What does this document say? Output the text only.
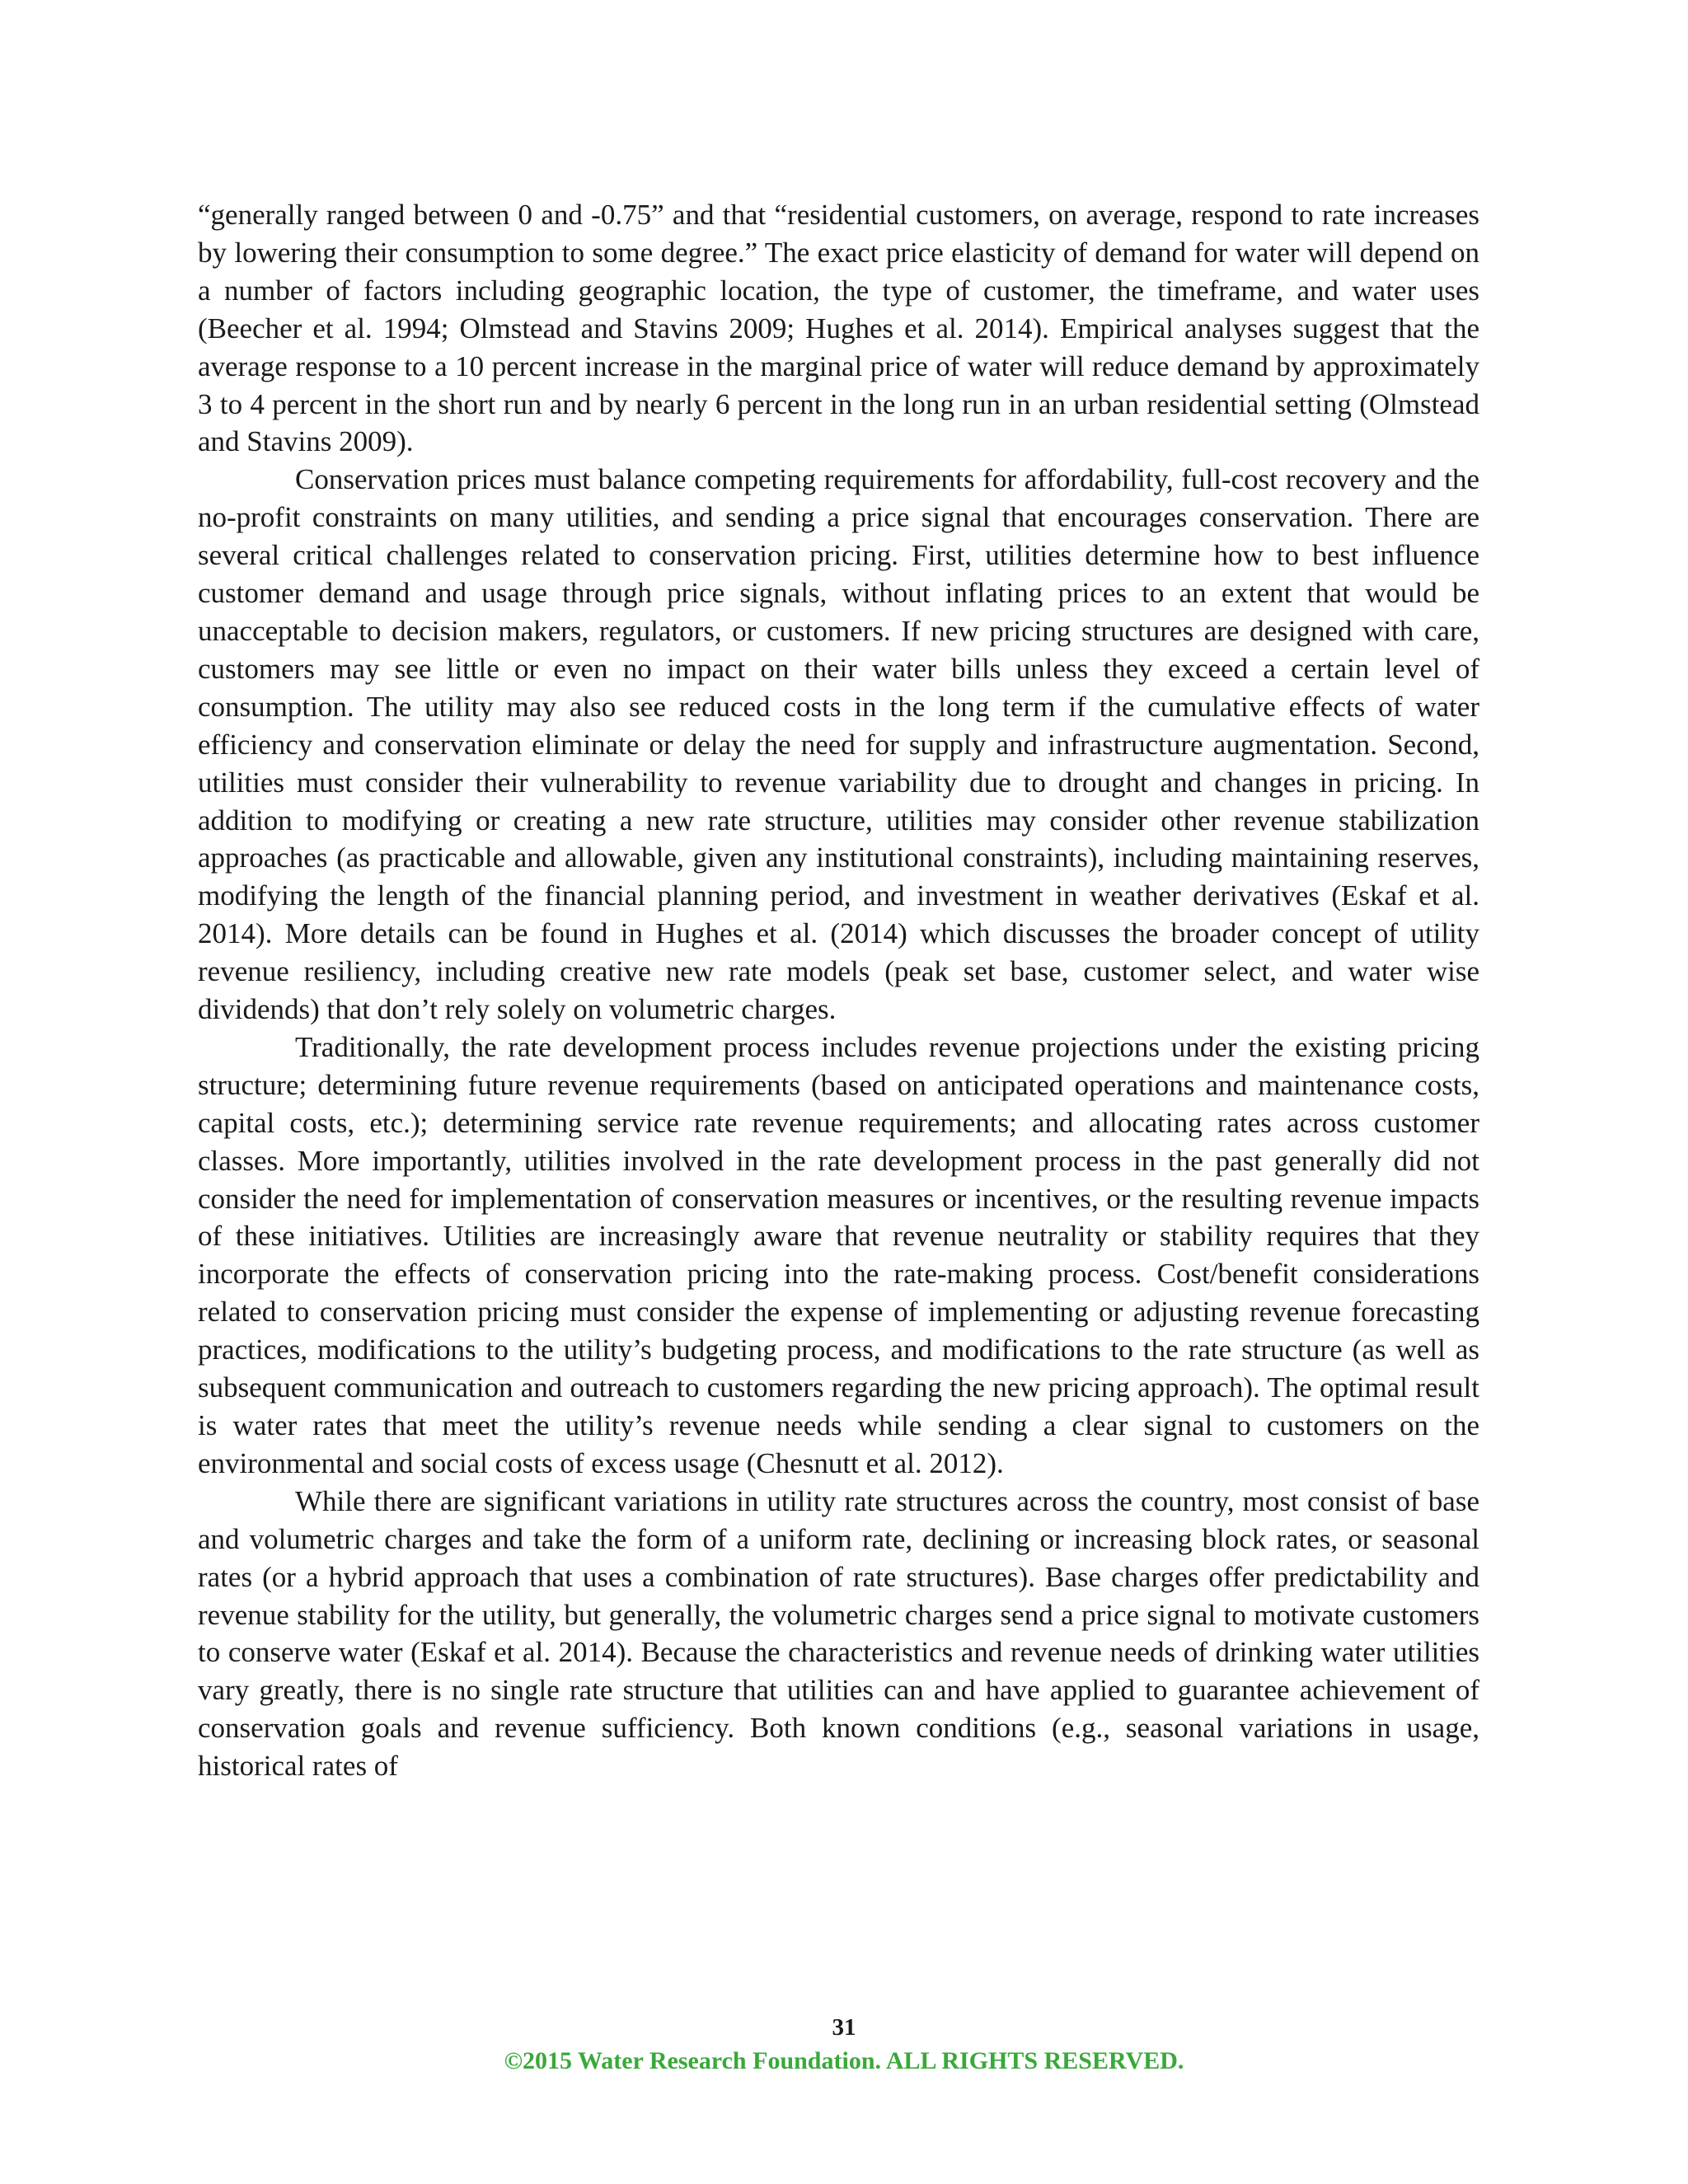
“generally ranged between 0 and -0.75” and that “residential customers, on average, respond to rate increases by lowering their consumption to some degree.” The exact price elasticity of demand for water will depend on a number of factors including geographic location, the type of customer, the timeframe, and water uses (Beecher et al. 1994; Olmstead and Stavins 2009; Hughes et al. 2014). Empirical analyses suggest that the average response to a 10 percent increase in the marginal price of water will reduce demand by approximately 3 to 4 percent in the short run and by nearly 6 percent in the long run in an urban residential setting (Olmstead and Stavins 2009).

Conservation prices must balance competing requirements for affordability, full-cost recovery and the no-profit constraints on many utilities, and sending a price signal that encourages conservation. There are several critical challenges related to conservation pricing. First, utilities determine how to best influence customer demand and usage through price signals, without inflating prices to an extent that would be unacceptable to decision makers, regulators, or customers. If new pricing structures are designed with care, customers may see little or even no impact on their water bills unless they exceed a certain level of consumption. The utility may also see reduced costs in the long term if the cumulative effects of water efficiency and conservation eliminate or delay the need for supply and infrastructure augmentation. Second, utilities must consider their vulnerability to revenue variability due to drought and changes in pricing. In addition to modifying or creating a new rate structure, utilities may consider other revenue stabilization approaches (as practicable and allowable, given any institutional constraints), including maintaining reserves, modifying the length of the financial planning period, and investment in weather derivatives (Eskaf et al. 2014). More details can be found in Hughes et al. (2014) which discusses the broader concept of utility revenue resiliency, including creative new rate models (peak set base, customer select, and water wise dividends) that don’t rely solely on volumetric charges.

Traditionally, the rate development process includes revenue projections under the existing pricing structure; determining future revenue requirements (based on anticipated operations and maintenance costs, capital costs, etc.); determining service rate revenue requirements; and allocating rates across customer classes. More importantly, utilities involved in the rate development process in the past generally did not consider the need for implementation of conservation measures or incentives, or the resulting revenue impacts of these initiatives. Utilities are increasingly aware that revenue neutrality or stability requires that they incorporate the effects of conservation pricing into the rate-making process. Cost/benefit considerations related to conservation pricing must consider the expense of implementing or adjusting revenue forecasting practices, modifications to the utility’s budgeting process, and modifications to the rate structure (as well as subsequent communication and outreach to customers regarding the new pricing approach). The optimal result is water rates that meet the utility’s revenue needs while sending a clear signal to customers on the environmental and social costs of excess usage (Chesnutt et al. 2012).

While there are significant variations in utility rate structures across the country, most consist of base and volumetric charges and take the form of a uniform rate, declining or increasing block rates, or seasonal rates (or a hybrid approach that uses a combination of rate structures). Base charges offer predictability and revenue stability for the utility, but generally, the volumetric charges send a price signal to motivate customers to conserve water (Eskaf et al. 2014). Because the characteristics and revenue needs of drinking water utilities vary greatly, there is no single rate structure that utilities can and have applied to guarantee achievement of conservation goals and revenue sufficiency. Both known conditions (e.g., seasonal variations in usage, historical rates of

31
©2015 Water Research Foundation. ALL RIGHTS RESERVED.
